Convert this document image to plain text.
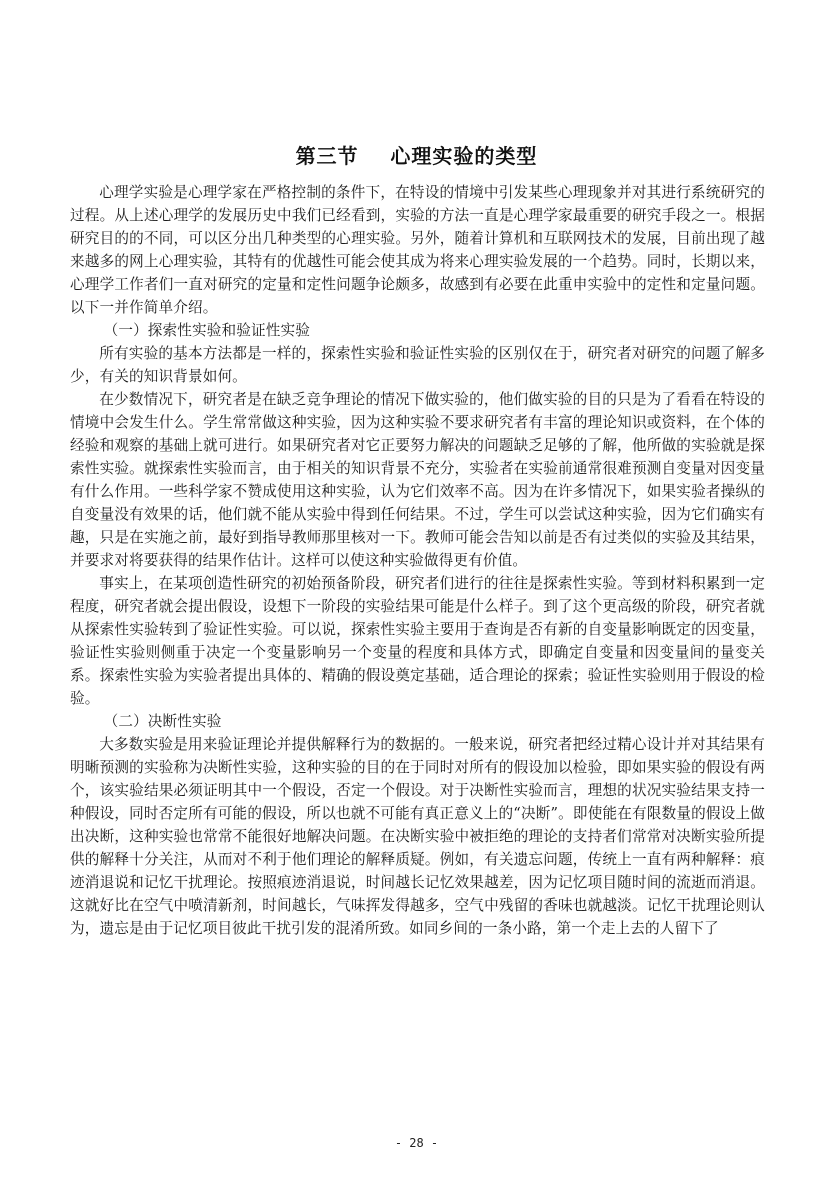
第三节    心理实验的类型

心理学实验是心理学家在严格控制的条件下，在特设的情境中引发某些心理现象并对其进行系统研究的过程。从上述心理学的发展历史中我们已经看到，实验的方法一直是心理学家最重要的研究手段之一。根据研究目的的不同，可以区分出几种类型的心理实验。另外，随着计算机和互联网技术的发展，目前出现了越来越多的网上心理实验，其特有的优越性可能会使其成为将来心理实验发展的一个趋势。同时，长期以来，心理学工作者们一直对研究的定量和定性问题争论颇多，故感到有必要在此重申实验中的定性和定量问题。以下一并作简单介绍。

（一）探索性实验和验证性实验

所有实验的基本方法都是一样的，探索性实验和验证性实验的区别仅在于，研究者对研究的问题了解多少，有关的知识背景如何。

在少数情况下，研究者是在缺乏竞争理论的情况下做实验的，他们做实验的目的只是为了看看在特设的情境中会发生什么。学生常常做这种实验，因为这种实验不要求研究者有丰富的理论知识或资料，在个体的经验和观察的基础上就可进行。如果研究者对它正要努力解决的问题缺乏足够的了解，他所做的实验就是探索性实验。就探索性实验而言，由于相关的知识背景不充分，实验者在实验前通常很难预测自变量对因变量有什么作用。一些科学家不赞成使用这种实验，认为它们效率不高。因为在许多情况下，如果实验者操纵的自变量没有效果的话，他们就不能从实验中得到任何结果。不过，学生可以尝试这种实验，因为它们确实有趣，只是在实施之前，最好到指导教师那里核对一下。教师可能会告知以前是否有过类似的实验及其结果，并要求对将要获得的结果作估计。这样可以使这种实验做得更有价值。

事实上，在某项创造性研究的初始预备阶段，研究者们进行的往往是探索性实验。等到材料积累到一定程度，研究者就会提出假设，设想下一阶段的实验结果可能是什么样子。到了这个更高级的阶段，研究者就从探索性实验转到了验证性实验。可以说，探索性实验主要用于查询是否有新的自变量影响既定的因变量，验证性实验则侧重于决定一个变量影响另一个变量的程度和具体方式，即确定自变量和因变量间的量变关系。探索性实验为实验者提出具体的、精确的假设奠定基础，适合理论的探索；验证性实验则用于假设的检验。

（二）决断性实验

大多数实验是用来验证理论并提供解释行为的数据的。一般来说，研究者把经过精心设计并对其结果有明晰预测的实验称为决断性实验，这种实验的目的在于同时对所有的假设加以检验，即如果实验的假设有两个，该实验结果必须证明其中一个假设，否定一个假设。对于决断性实验而言，理想的状况实验结果支持一种假设，同时否定所有可能的假设，所以也就不可能有真正意义上的“决断”。即使能在有限数量的假设上做出决断，这种实验也常常不能很好地解决问题。在决断实验中被拒绝的理论的支持者们常常对决断实验所提供的解释十分关注，从而对不利于他们理论的解释质疑。例如，有关遗忘问题，传统上一直有两种解释：痕迹消退说和记忆干扰理论。按照痕迹消退说，时间越长记忆效果越差，因为记忆项目随时间的流逝而消退。这就好比在空气中喷清新剂，时间越长，气味挥发得越多，空气中残留的香味也就越淡。记忆干扰理论则认为，遗忘是由于记忆项目彼此干扰引发的混淆所致。如同乡间的一条小路，第一个走上去的人留下了

- 28 -
